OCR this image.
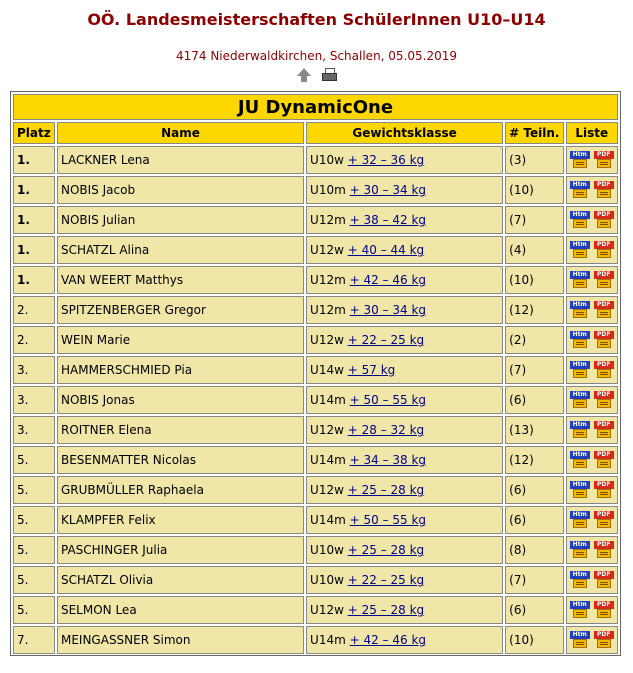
OÖ. Landesmeisterschaften SchülerInnen U10–U14
4174 Niederwaldkirchen, Schallen, 05.05.2019

JU DynamicOne				
Platz	Name	Gewichtsklasse	# Teiln.	Liste
1.	LACKNER Lena	U10w + 32 – 36 kg	(3)	Htm PDF

1.	NOBIS Jacob	U10m + 30 – 34 kg	(10)	Htm PDF

1.	NOBIS Julian	U12m + 38 – 42 kg	(7)	Htm PDF

1.	SCHATZL Alina	U12w + 40 – 44 kg	(4)	Htm PDF

1.	VAN WEERT Matthys	U12m + 42 – 46 kg	(10)	Htm PDF

2.	SPITZENBERGER Gregor	U12m + 30 – 34 kg	(12)	Htm PDF

2.	WEIN Marie	U12w + 22 – 25 kg	(2)	Htm PDF

3.	HAMMERSCHMIED Pia	U14w + 57 kg	(7)	Htm PDF

3.	NOBIS Jonas	U14m + 50 – 55 kg	(6)	Htm PDF

3.	ROITNER Elena	U12w + 28 – 32 kg	(13)	Htm PDF

5.	BESENMATTER Nicolas	U14m + 34 – 38 kg	(12)	Htm PDF

5.	GRUBMÜLLER Raphaela	U12w + 25 – 28 kg	(6)	Htm PDF

5.	KLAMPFER Felix	U14m + 50 – 55 kg	(6)	Htm PDF

5.	PASCHINGER Julia	U10w + 25 – 28 kg	(8)	Htm PDF

5.	SCHATZL Olivia	U10w + 22 – 25 kg	(7)	Htm PDF

5.	SELMON Lea	U12w + 25 – 28 kg	(6)	Htm PDF

7.	MEINGASSNER Simon	U14m + 42 – 46 kg	(10)	Htm PDF
